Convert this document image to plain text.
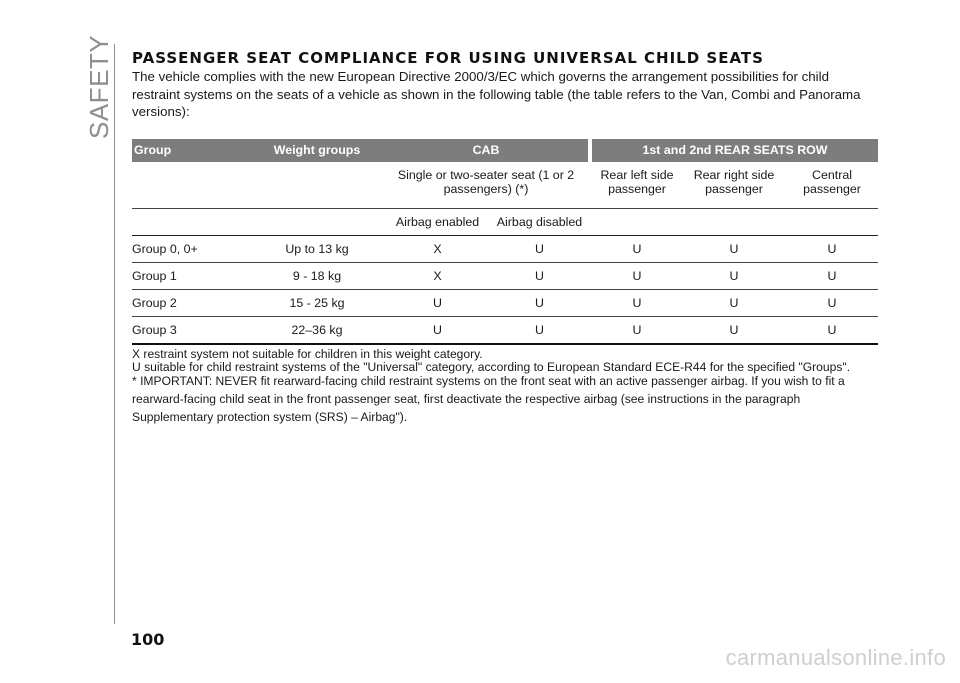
SAFETY PASSENGER SEAT COMPLIANCE FOR USING UNIVERSAL CHILD SEATS

The vehicle complies with the new European Directive 2000/3/EC which governs the arrangement possibilities for child restraint systems on the seats of a vehicle as shown in the following table (the table refers to the Van, Combi and Panorama versions):

Group	Weight groups	CAB			1st and 2nd REAR SEATS ROW		
		Single or two-seater seat (1 or 2 passengers) (*)			Rear left side passenger	Rear right side passenger	Central passenger
		Airbag enabled	Airbag disabled				
Group 0, 0+	Up to 13 kg	X	U		U	U	U
Group 1	9 - 18 kg	X	U		U	U	U
Group 2	15 - 25 kg	U	U		U	U	U
Group 3	22–36 kg	U	U		U	U	U

X restraint system not suitable for children in this weight category.

U suitable for child restraint systems of the "Universal" category, according to European Standard ECE-R44 for the specified "Groups".

* IMPORTANT: NEVER fit rearward-facing child restraint systems on the front seat with an active passenger airbag. If you wish to fit a rearward-facing child seat in the front passenger seat, first deactivate the respective airbag (see instructions in the paragraph Supplementary protection system (SRS) – Airbag").

100
carmanualsonline.info
